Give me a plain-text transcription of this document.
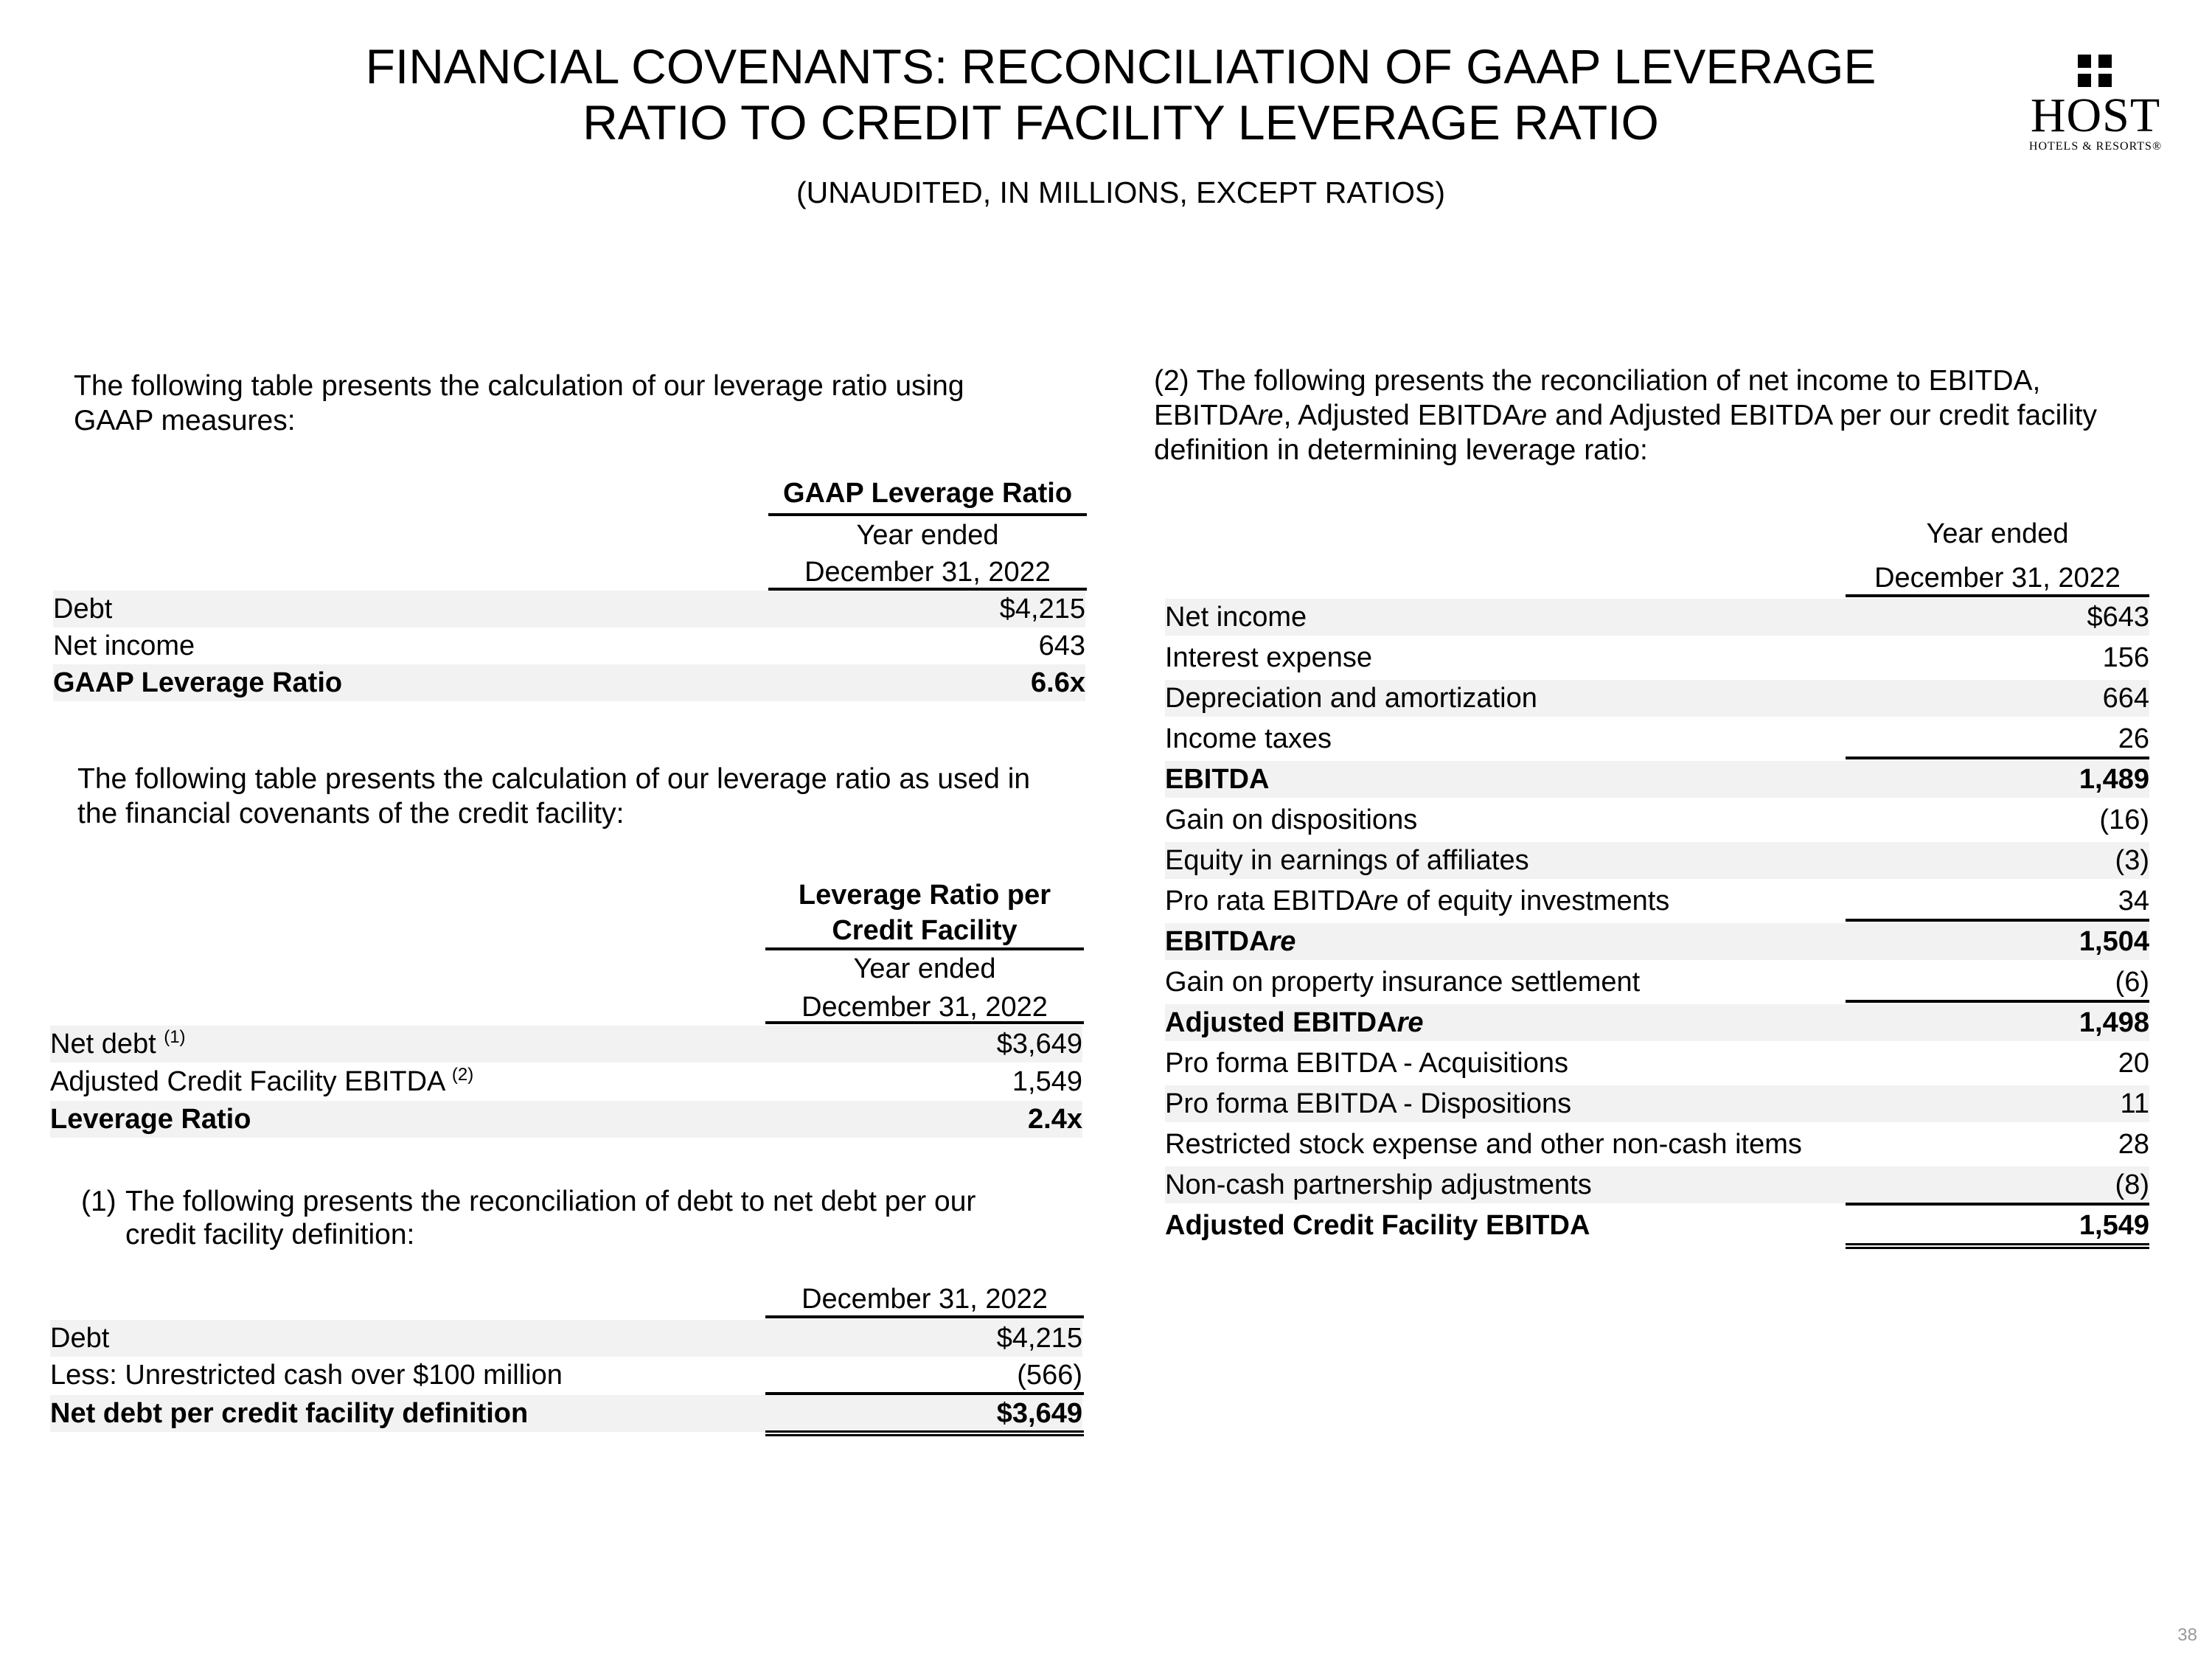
FINANCIAL COVENANTS: RECONCILIATION OF GAAP LEVERAGE
RATIO TO CREDIT FACILITY LEVERAGE RATIO
(UNAUDITED, IN MILLIONS, EXCEPT RATIOS)
HOST
HOTELS & RESORTS®
The following table presents the calculation of our leverage ratio using GAAP measures:
GAAP Leverage Ratio
Year ended
December 31, 2022
Debt	$4,215
Net income	643
GAAP Leverage Ratio	6.6x
The following table presents the calculation of our leverage ratio as used in the financial covenants of the credit facility:
Leverage Ratio per
Credit Facility
Year ended
December 31, 2022
Net debt $^{(1)}$	$3,649
Adjusted Credit Facility EBITDA $^{(2)}$	1,549
Leverage Ratio	2.4x
(1) The following presents the reconciliation of debt to net debt per our
credit facility definition:
December 31, 2022
Debt	$4,215
Less: Unrestricted cash over $100 million	(566)
Net debt per credit facility definition	$3,649
(2) The following presents the reconciliation of net income to EBITDA,
EBITDAre, Adjusted EBITDAre and Adjusted EBITDA per our credit facility
definition in determining leverage ratio:
Year ended
December 31, 2022
Net income	$643
Interest expense	156
Depreciation and amortization	664
Income taxes	26
EBITDA	1,489
Gain on dispositions	(16)
Equity in earnings of affiliates	(3)
Pro rata EBITDAre of equity investments	34
EBITDAre	1,504
Gain on property insurance settlement	(6)
Adjusted EBITDAre	1,498
Pro forma EBITDA - Acquisitions	20
Pro forma EBITDA - Dispositions	11
Restricted stock expense and other non-cash items	28
Non-cash partnership adjustments	(8)
Adjusted Credit Facility EBITDA	1,549
38
